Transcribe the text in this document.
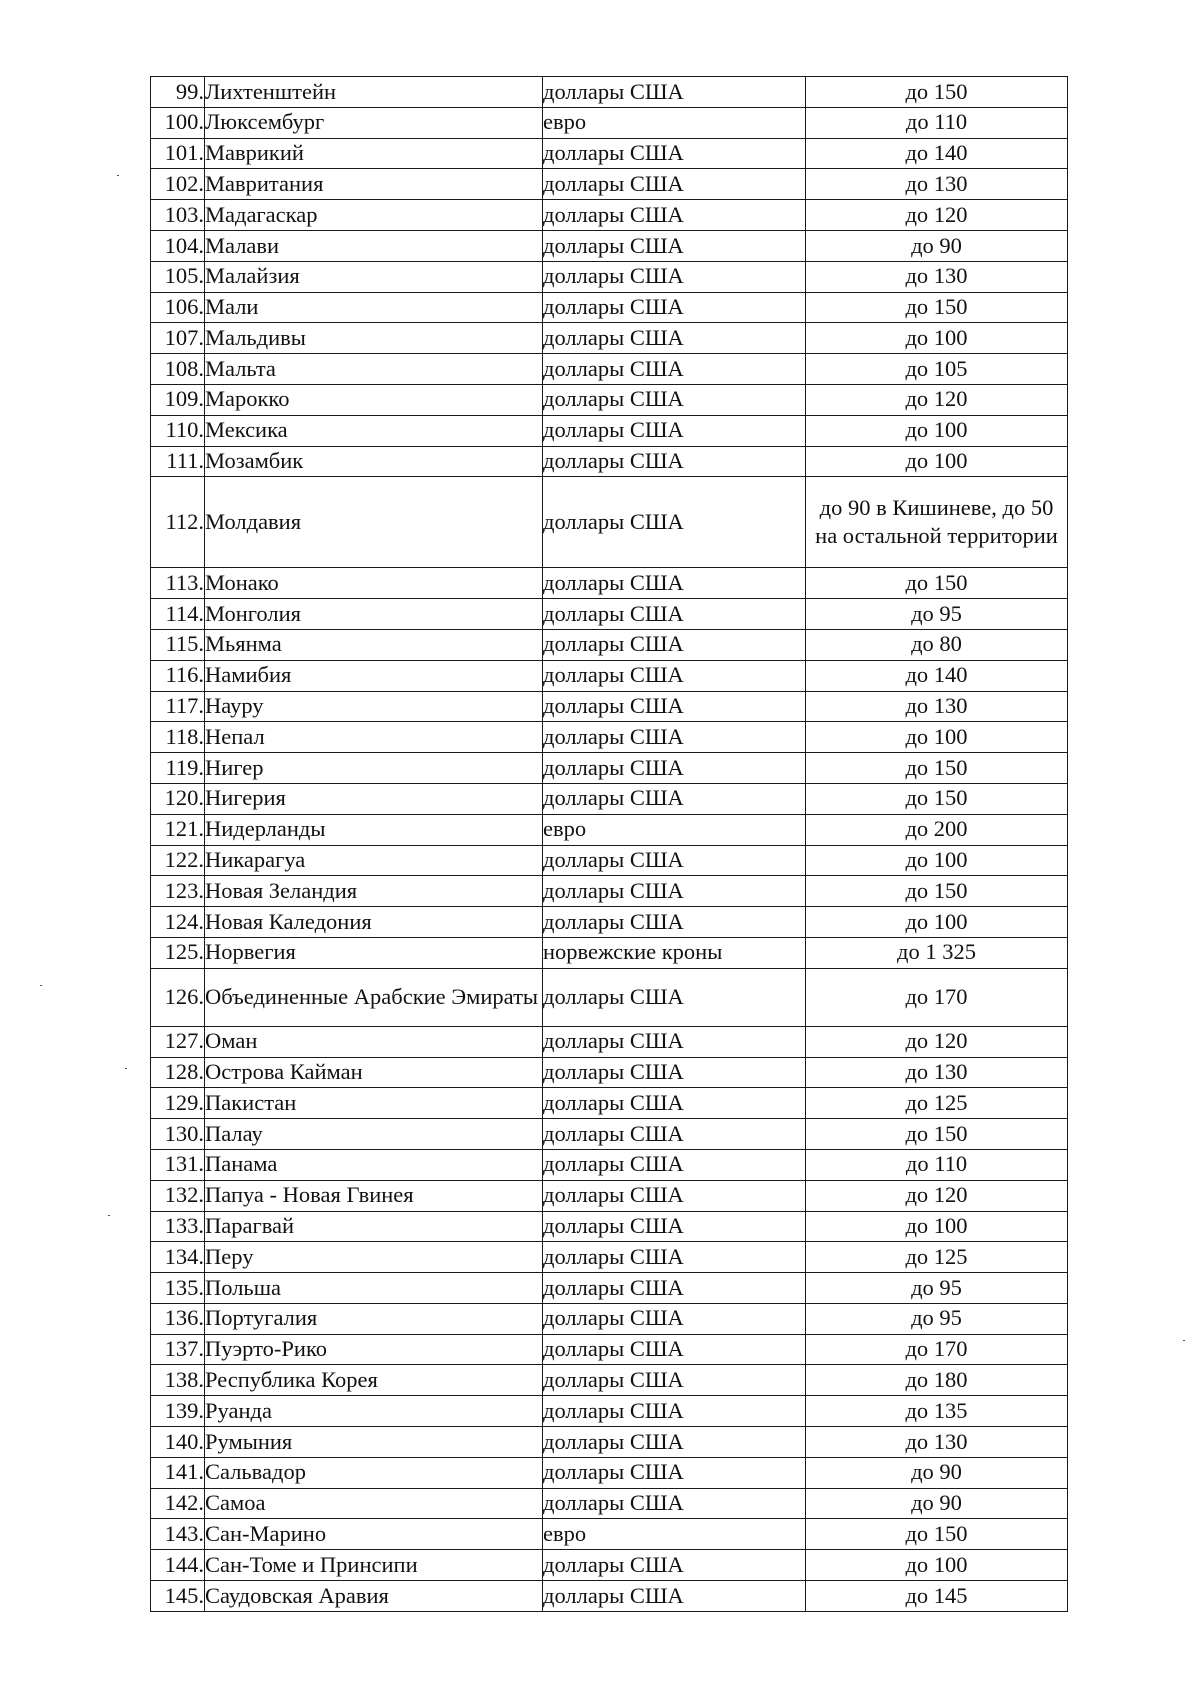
99.	Лихтенштейн	доллары США	до 150
100.	Люксембург	евро	до 110
101.	Маврикий	доллары США	до 140
102.	Мавритания	доллары США	до 130
103.	Мадагаскар	доллары США	до 120
104.	Малави	доллары США	до 90
105.	Малайзия	доллары США	до 130
106.	Мали	доллары США	до 150
107.	Мальдивы	доллары США	до 100
108.	Мальта	доллары США	до 105
109.	Марокко	доллары США	до 120
110.	Мексика	доллары США	до 100
111.	Мозамбик	доллары США	до 100
112.	Молдавия	доллары США	до 90 в Кишиневе, до 50 на остальной территории
113.	Монако	доллары США	до 150
114.	Монголия	доллары США	до 95
115.	Мьянма	доллары США	до 80
116.	Намибия	доллары США	до 140
117.	Науру	доллары США	до 130
118.	Непал	доллары США	до 100
119.	Нигер	доллары США	до 150
120.	Нигерия	доллары США	до 150
121.	Нидерланды	евро	до 200
122.	Никарагуа	доллары США	до 100
123.	Новая Зеландия	доллары США	до 150
124.	Новая Каледония	доллары США	до 100
125.	Норвегия	норвежские кроны	до 1 325
126.	Объединенные Арабские Эмираты	доллары США	до 170
127.	Оман	доллары США	до 120
128.	Острова Кайман	доллары США	до 130
129.	Пакистан	доллары США	до 125
130.	Палау	доллары США	до 150
131.	Панама	доллары США	до 110
132.	Папуа - Новая Гвинея	доллары США	до 120
133.	Парагвай	доллары США	до 100
134.	Перу	доллары США	до 125
135.	Польша	доллары США	до 95
136.	Португалия	доллары США	до 95
137.	Пуэрто-Рико	доллары США	до 170
138.	Республика Корея	доллары США	до 180
139.	Руанда	доллары США	до 135
140.	Румыния	доллары США	до 130
141.	Сальвадор	доллары США	до 90
142.	Самоа	доллары США	до 90
143.	Сан-Марино	евро	до 150
144.	Сан-Томе и Принсипи	доллары США	до 100
145.	Саудовская Аравия	доллары США	до 145
